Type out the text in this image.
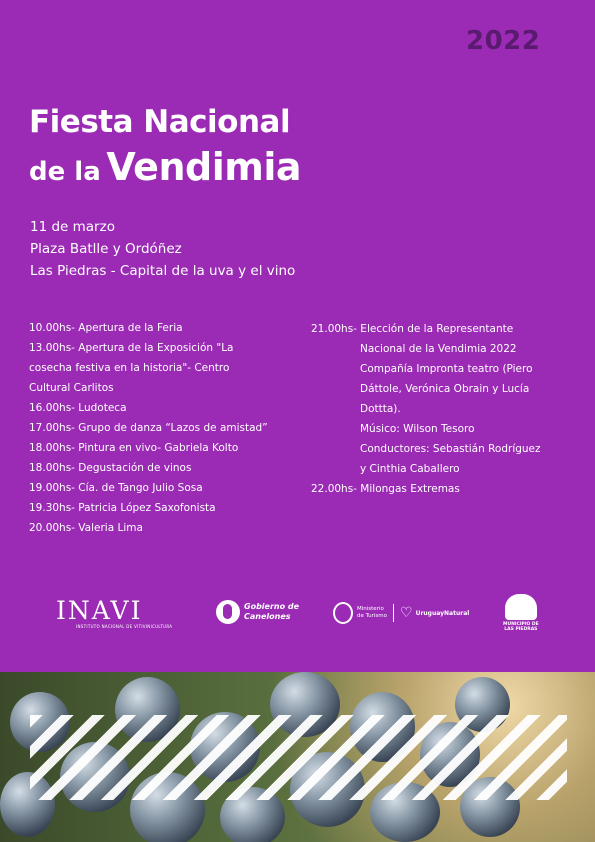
2022
Fiesta Nacional
de la Vendimia
11 de marzo
Plaza Batlle y Ordóñez
Las Piedras - Capital de la uva y el vino
10.00hs- Apertura de la Feria
13.00hs- Apertura de la Exposición "La
cosecha festiva en la historia"- Centro
Cultural Carlitos
16.00hs- Ludoteca
17.00hs- Grupo de danza “Lazos de amistad”
18.00hs- Pintura en vivo- Gabriela Kolto
18.00hs- Degustación de vinos
19.00hs- Cía. de Tango Julio Sosa
19.30hs- Patricia López Saxofonista
20.00hs- Valeria Lima
21.00hs- Elección de la Representante
Nacional de la Vendimia 2022
Compañía Impronta teatro (Piero
Dáttole, Verónica Obrain y Lucía
Dottta).
Músico: Wilson Tesoro
Conductores: Sebastián Rodríguez
y Cinthia Caballero
22.00hs- Milongas Extremas
INAVI
INSTITUTO NACIONAL DE VITIVINICULTURA
Gobierno de
Canelones
Ministerio
de Turismo ♡ UruguayNatural
MUNICIPIO DE
LAS PIEDRAS
